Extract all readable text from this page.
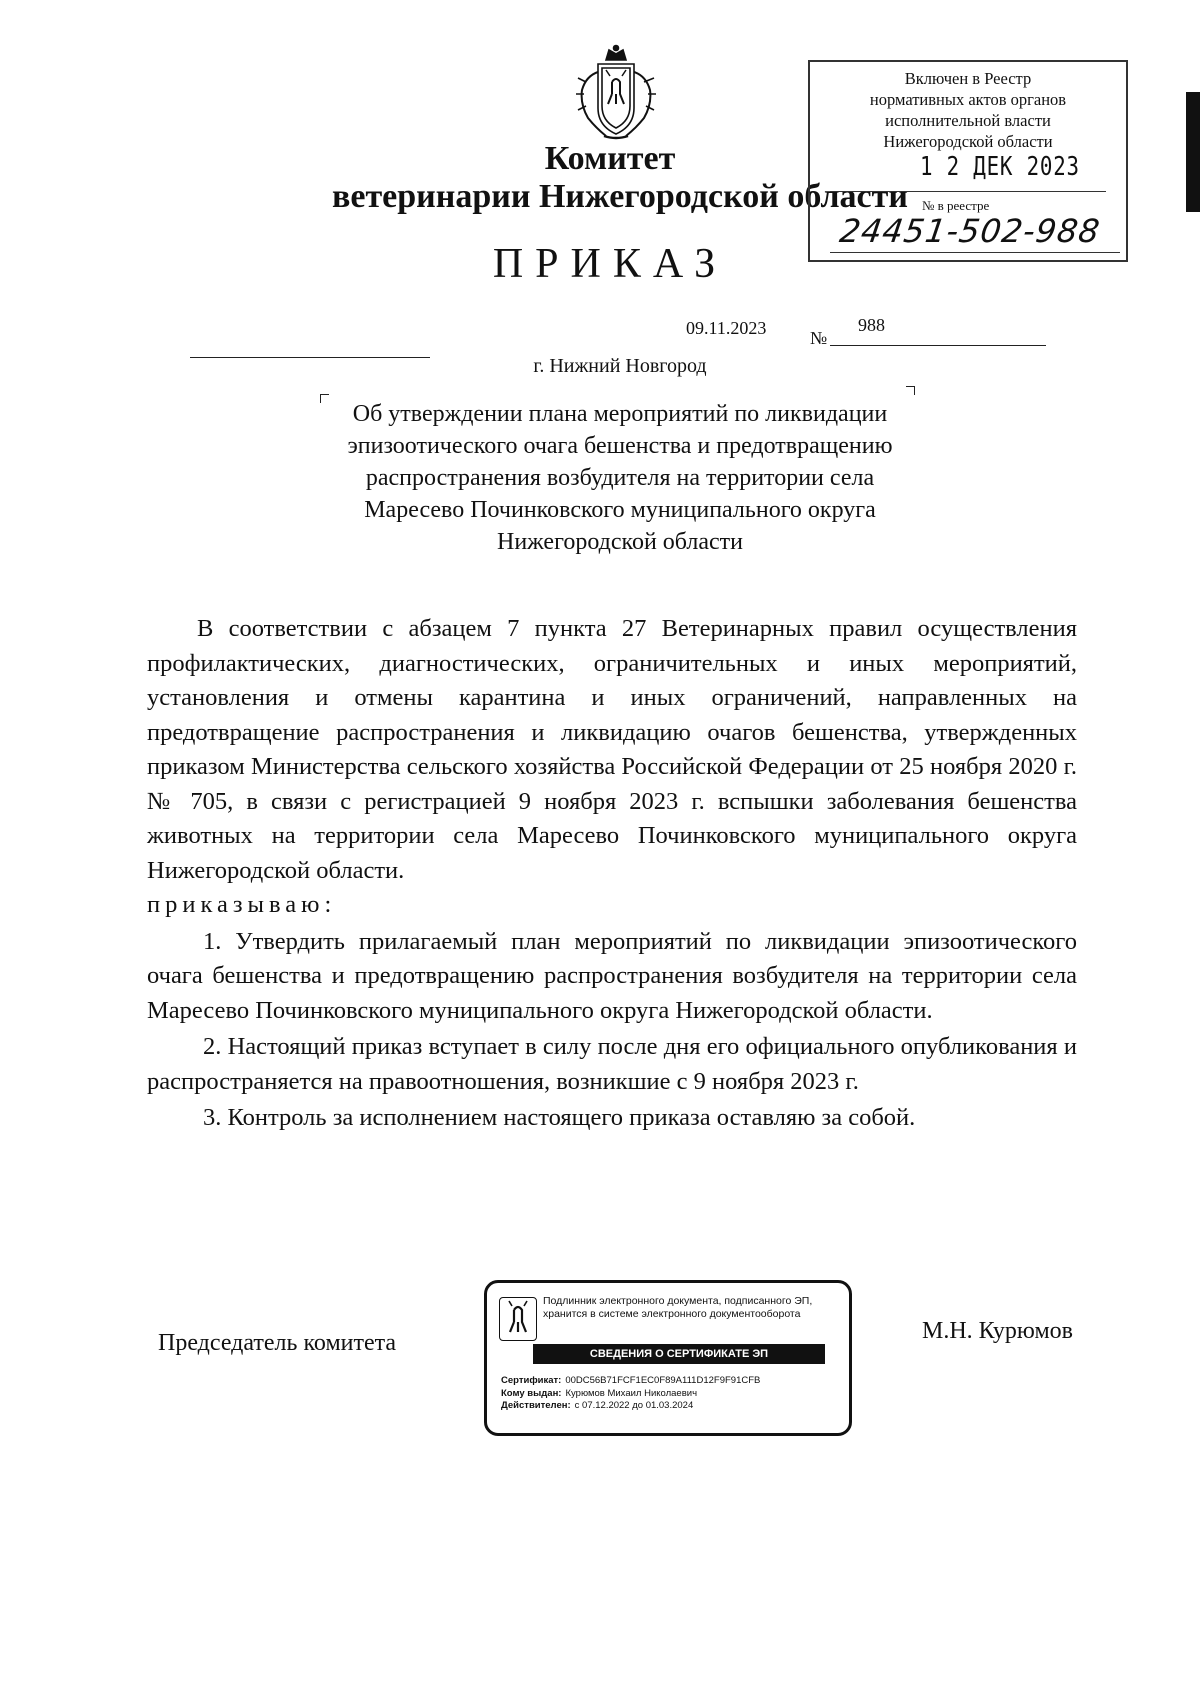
Комитет
ветеринарии Нижегородской области
ПРИКАЗ
09.11.2023 №
988
г. Нижний Новгород
Об утверждении плана мероприятий по ликвидации эпизоотического очага бешенства и предотвращению распространения возбудителя на территории села Маресево Починковского муниципального округа Нижегородской области

В соответствии с абзацем 7 пункта 27 Ветеринарных правил осуществления профилактических, диагностических, ограничительных и иных мероприятий, установления и отмены карантина и иных ограничений, направленных на предотвращение распространения и ликвидацию очагов бешенства, утвержденных приказом Министерства сельского хозяйства Российской Федерации от 25 ноября 2020 г. № 705, в связи с регистрацией 9 ноября 2023 г. вспышки заболевания бешенства животных на территории села Маресево Починковского муниципального округа Нижегородской области.

приказываю:

1. Утвердить прилагаемый план мероприятий по ликвидации эпизоотического очага бешенства и предотвращению распространения возбудителя на территории села Маресево Починковского муниципального округа Нижегородской области.

2. Настоящий приказ вступает в силу после дня его официального опубликования и распространяется на правоотношения, возникшие с 9 ноября 2023 г.

3. Контроль за исполнением настоящего приказа оставляю за собой.

Председатель комитета	М.Н. Курюмов
Включен в Реестр
нормативных актов органов
исполнительной власти
Нижегородской области
1 2 ДЕК 2023
№ в реестре
24451-502-988
Подлинник электронного документа, подписанного ЭП, хранится в системе электронного документооборота
СВЕДЕНИЯ О СЕРТИФИКАТЕ ЭП
Сертификат: 00DC56B71FCF1EC0F89A111D12F9F91CFB
Кому выдан: Курюмов Михаил Николаевич
Действителен: с 07.12.2022 до 01.03.2024
